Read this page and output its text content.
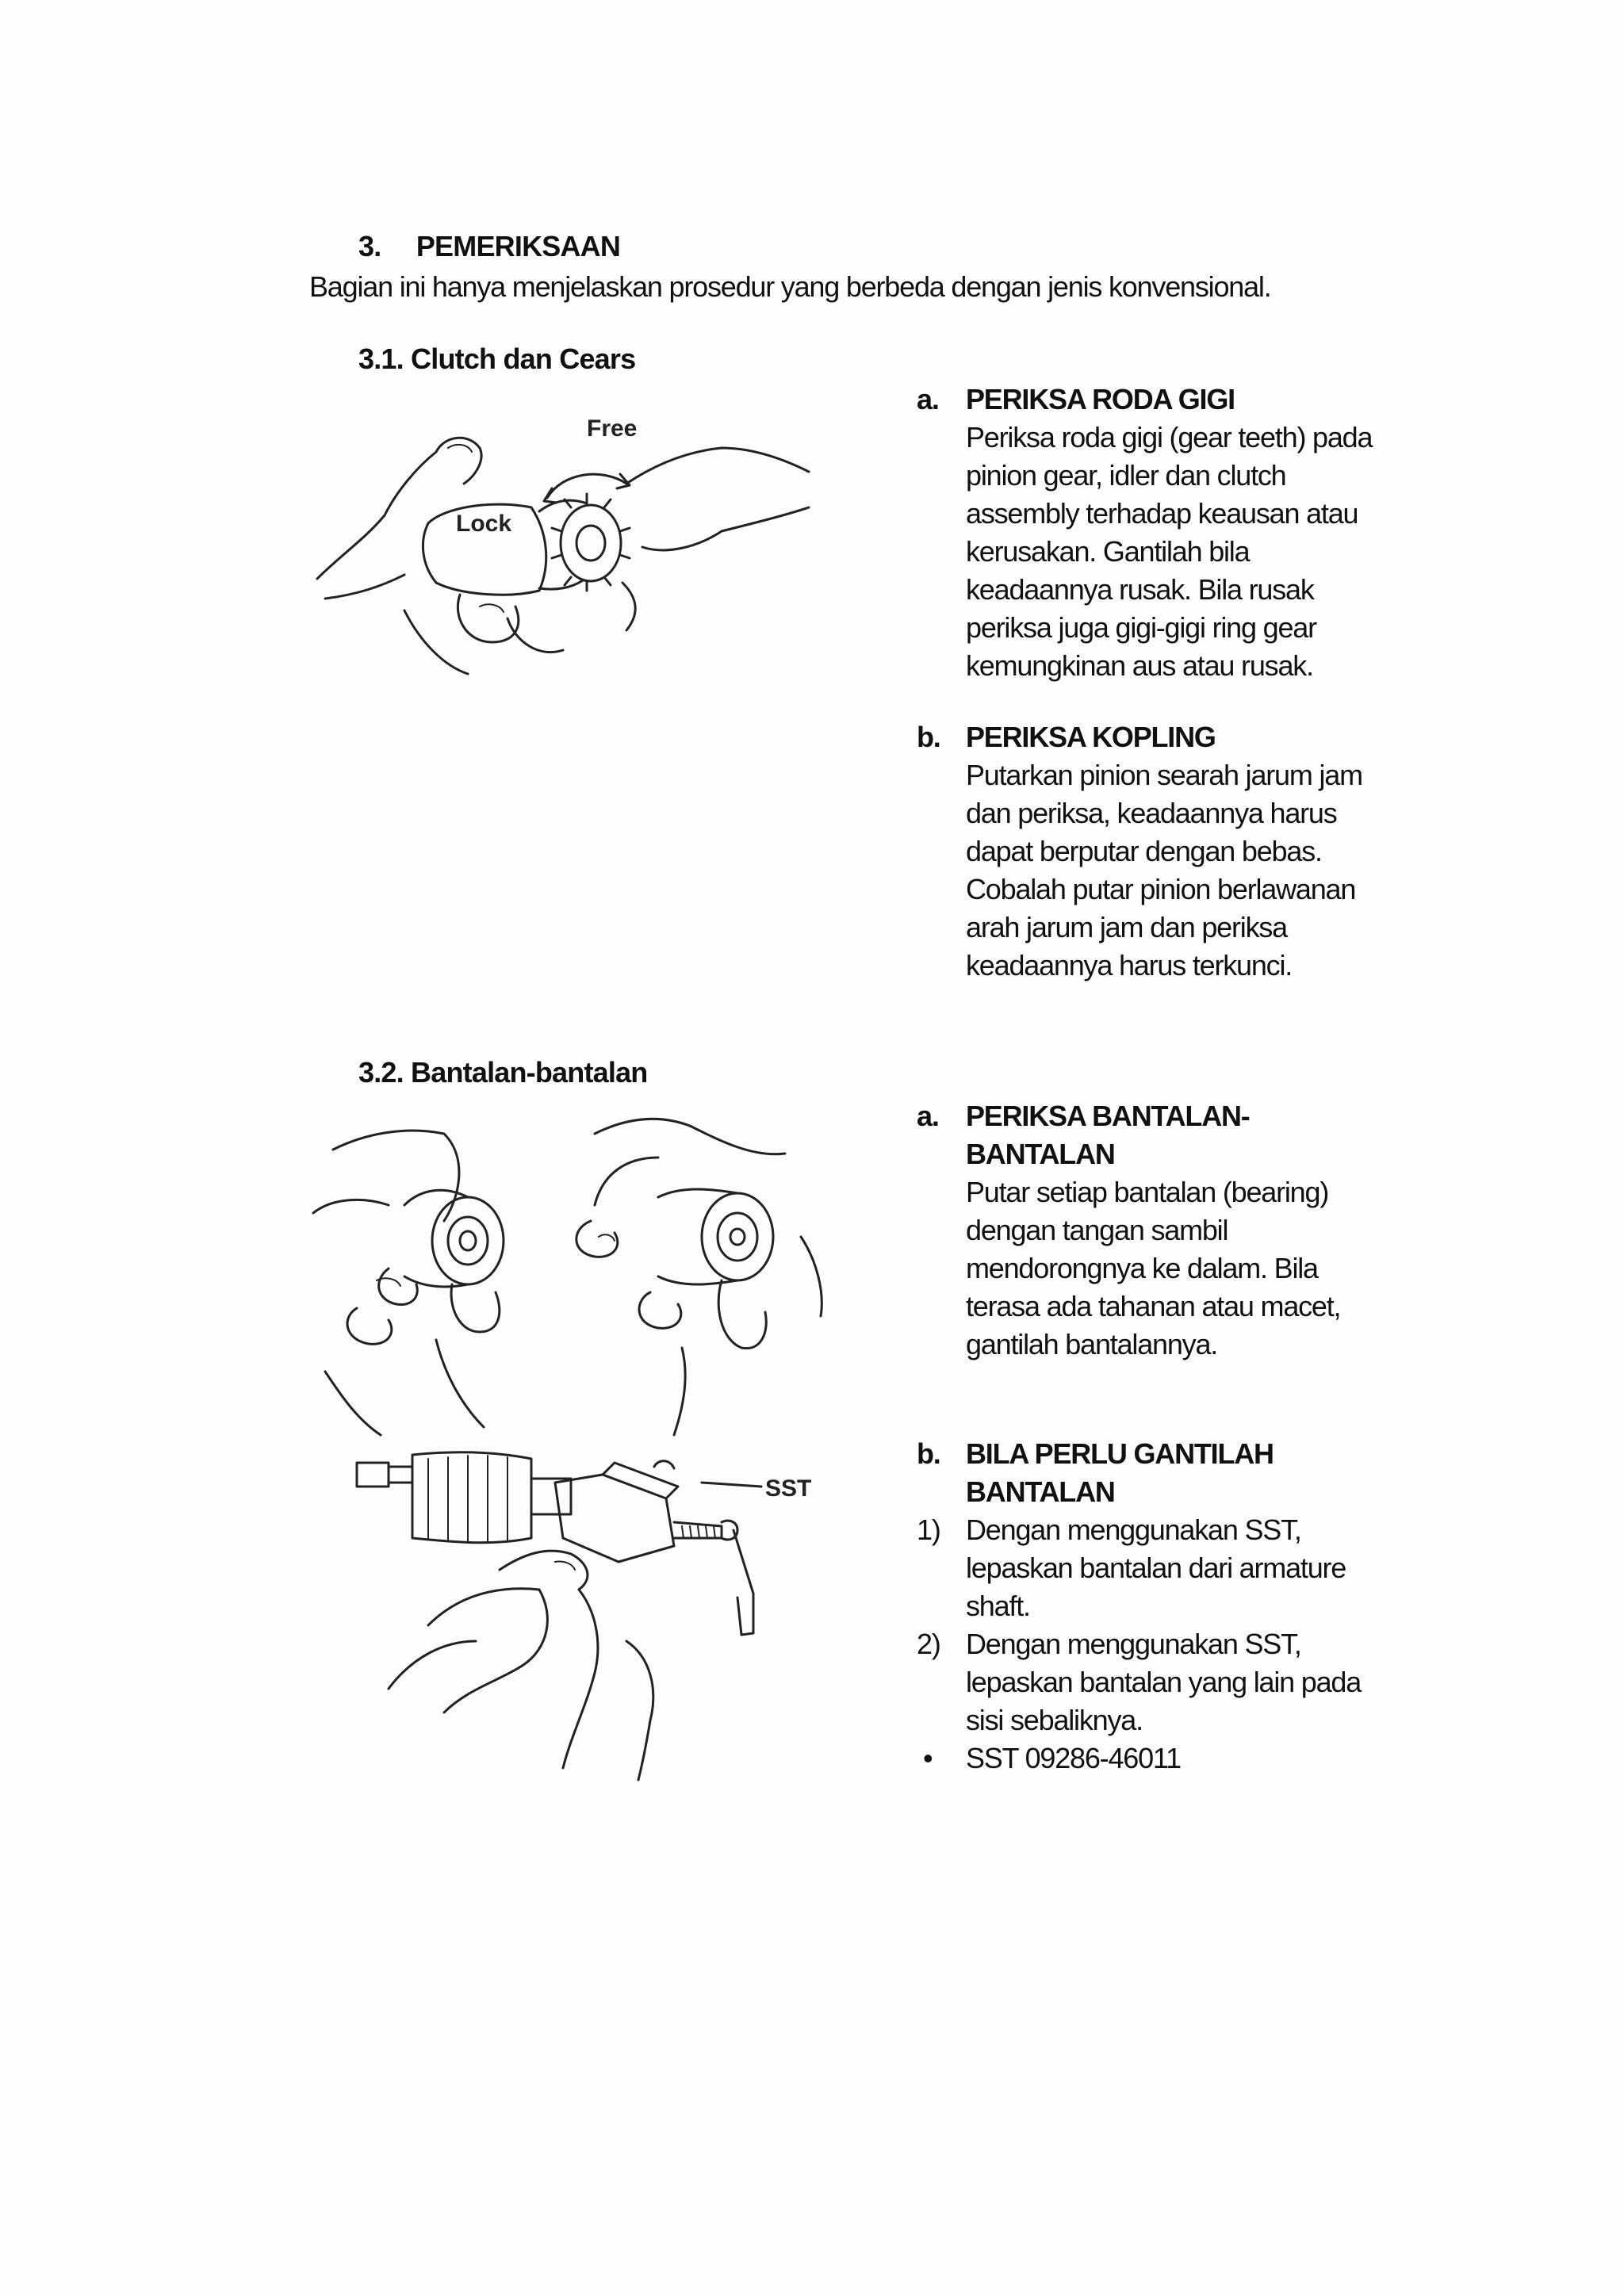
3. PEMERIKSAAN
Bagian ini hanya menjelaskan prosedur yang berbeda dengan jenis konvensional.
3.1. Clutch dan Cears
Free
Lock
a. PERIKSA RODA GIGI
Periksa roda gigi (gear teeth) pada
pinion gear, idler dan clutch
assembly terhadap keausan atau
kerusakan. Gantilah bila
keadaannya rusak. Bila rusak
periksa juga gigi-gigi ring gear
kemungkinan aus atau rusak.
b. PERIKSA KOPLING
Putarkan pinion searah jarum jam
dan periksa, keadaannya harus
dapat berputar dengan bebas.
Cobalah putar pinion berlawanan
arah jarum jam dan periksa
keadaannya harus terkunci.
3.2. Bantalan-bantalan
SST
a. PERIKSA BANTALAN-
BANTALAN
Putar setiap bantalan (bearing)
dengan tangan sambil
mendorongnya ke dalam. Bila
terasa ada tahanan atau macet,
gantilah bantalannya.
b. BILA PERLU GANTILAH
BANTALAN
1) Dengan menggunakan SST,
lepaskan bantalan dari armature
shaft.
2) Dengan menggunakan SST,
lepaskan bantalan yang lain pada
sisi sebaliknya.
• SST 09286-46011
